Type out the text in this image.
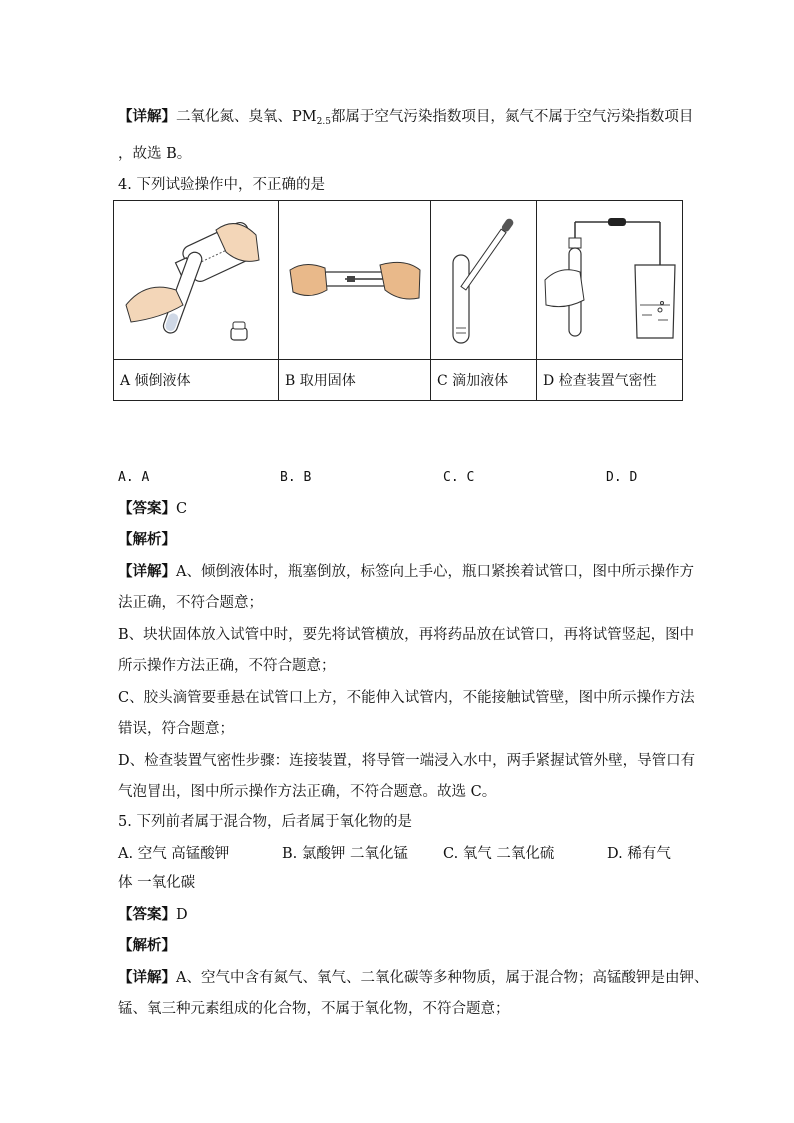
【详解】二氧化氮、臭氧、$PM_{2.5}$都属于空气污染指数项目，氮气不属于空气污染指数项目
，故选 B。
4. 下列试验操作中，不正确的是

A 倾倒液体	B 取用固体	C 滴加液体	D 检查装置气密性
A. A	B. B	C. C	D. D
【答案】C
【解析】
【详解】A、倾倒液体时，瓶塞倒放，标签向上手心，瓶口紧挨着试管口，图中所示操作方
法正确，不符合题意；
B、块状固体放入试管中时，要先将试管横放，再将药品放在试管口，再将试管竖起，图中
所示操作方法正确，不符合题意；
C、胶头滴管要垂悬在试管口上方，不能伸入试管内，不能接触试管壁，图中所示操作方法
错误，符合题意；
D、检查装置气密性步骤：连接装置，将导管一端浸入水中，两手紧握试管外壁，导管口有
气泡冒出，图中所示操作方法正确，不符合题意。故选 C。
5. 下列前者属于混合物，后者属于氧化物的是
A. 空气 高锰酸钾	B. 氯酸钾 二氧化锰 C. 氧气 二氧化硫	D. 稀有气
体 一氧化碳
【答案】D
【解析】
【详解】A、空气中含有氮气、氧气、二氧化碳等多种物质，属于混合物；高锰酸钾是由钾、
锰、氧三种元素组成的化合物，不属于氧化物，不符合题意；
